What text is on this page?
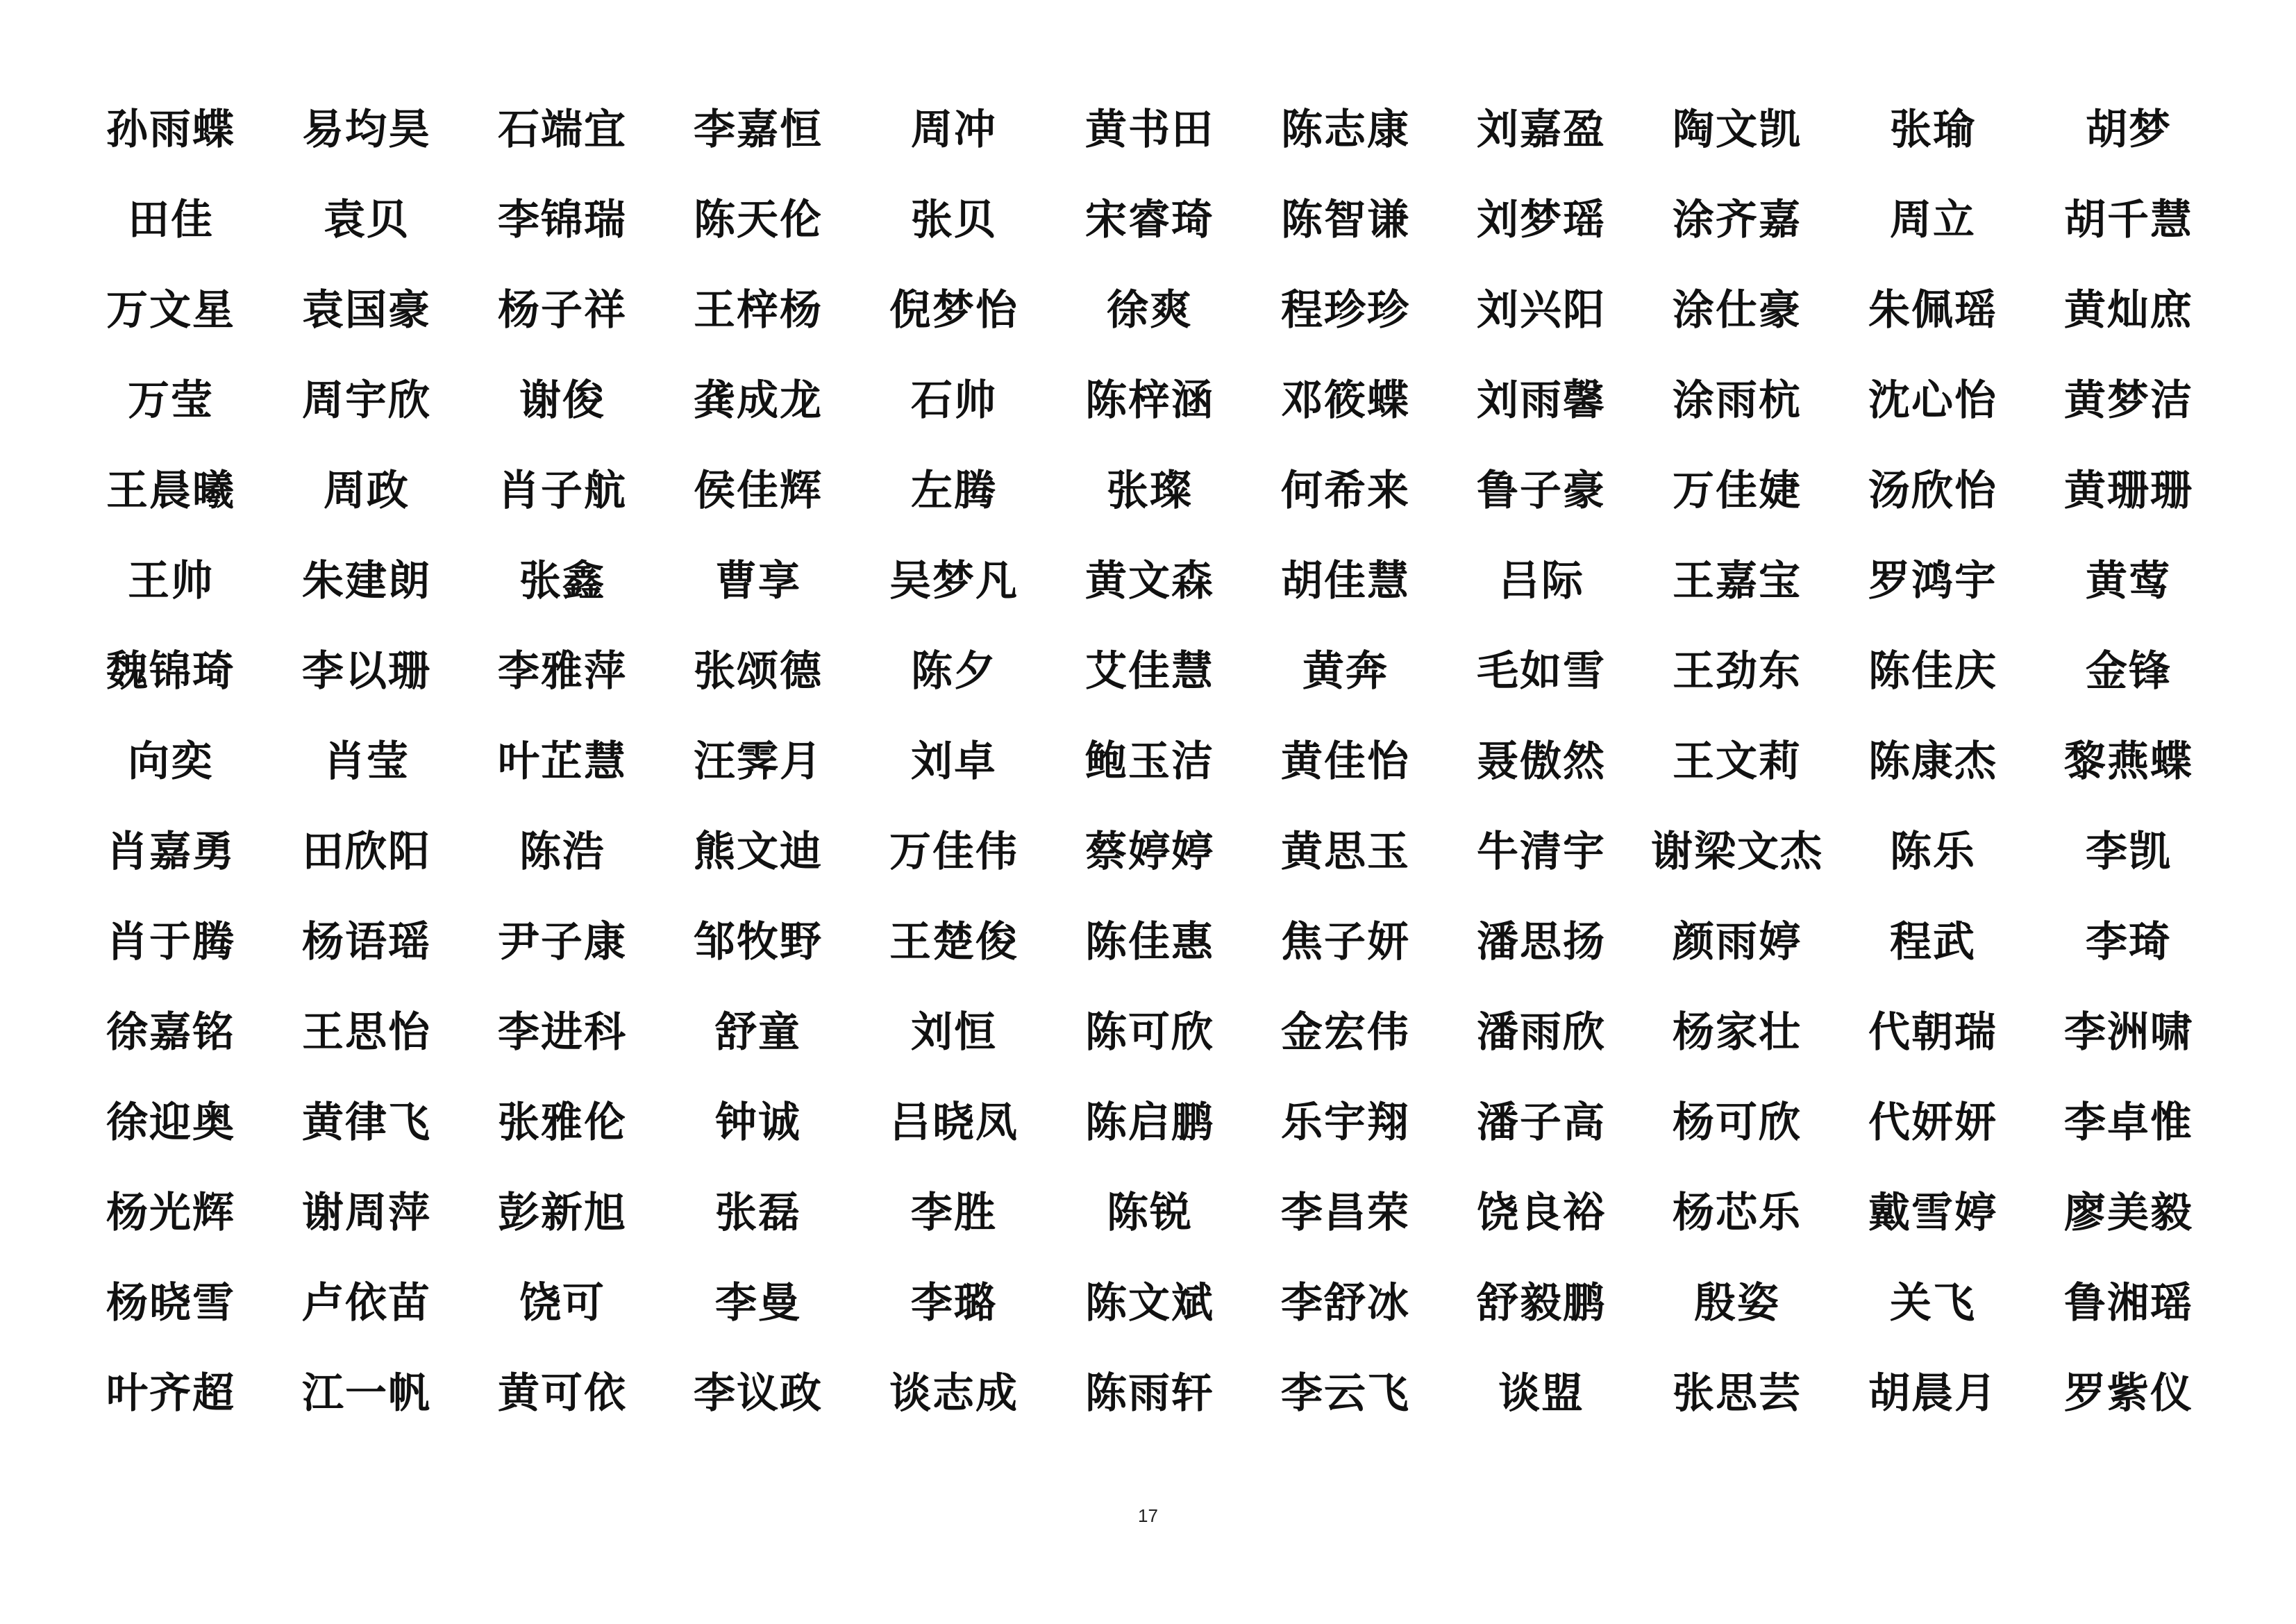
孙雨蝶 易均昊 石端宜 李嘉恒 周冲 黄书田 陈志康 刘嘉盈 陶文凯 张瑜	胡梦
田佳	袁贝 李锦瑞 陈天伦 张贝 宋睿琦 陈智谦 刘梦瑶 涂齐嘉 周立 胡千慧
万文星 袁国豪 杨子祥 王梓杨 倪梦怡 徐爽 程珍珍 刘兴阳 涂仕豪 朱佩瑶 黄灿庶
万莹 周宇欣 谢俊 龚成龙 石帅 陈梓涵 邓筱蝶 刘雨馨 涂雨杭 沈心怡 黄梦洁
王晨曦 周政 肖子航 侯佳辉 左腾	张璨 何希来 鲁子豪 万佳婕 汤欣怡 黄珊珊
王帅 朱建朗 张鑫	曹享 吴梦凡 黄文森 胡佳慧 吕际 王嘉宝 罗鸿宇 黄莺
魏锦琦 李以珊 李雅萍 张颂德 陈夕 艾佳慧 黄奔 毛如雪 王劲东 陈佳庆 金锋
向奕	肖莹 叶芷慧 汪霁月 刘卓 鲍玉洁 黄佳怡 聂傲然 王文莉 陈康杰 黎燕蝶
肖嘉勇 田欣阳 陈浩 熊文迪 万佳伟 蔡婷婷 黄思玉 牛清宇 谢梁文杰 陈乐	李凯
肖于腾 杨语瑶 尹子康 邹牧野 王楚俊 陈佳惠 焦子妍 潘思扬 颜雨婷 程武	李琦
徐嘉铭 王思怡 李进科 舒童	刘恒 陈可欣 金宏伟 潘雨欣 杨家壮 代朝瑞 李洲啸
徐迎奥 黄律飞 张雅伦 钟诚 吕晓凤 陈启鹏 乐宇翔 潘子高 杨可欣 代妍妍 李卓惟
杨光辉 谢周萍 彭新旭 张磊	李胜	陈锐 李昌荣 饶良裕 杨芯乐 戴雪婷 廖美毅
杨晓雪 卢依苗 饶可	李曼	李璐 陈文斌 李舒冰 舒毅鹏 殷姿	关飞 鲁湘瑶
叶齐超 江一帆 黄可依 李议政 谈志成 陈雨轩 李云飞 谈盟 张思芸 胡晨月 罗紫仪
17
